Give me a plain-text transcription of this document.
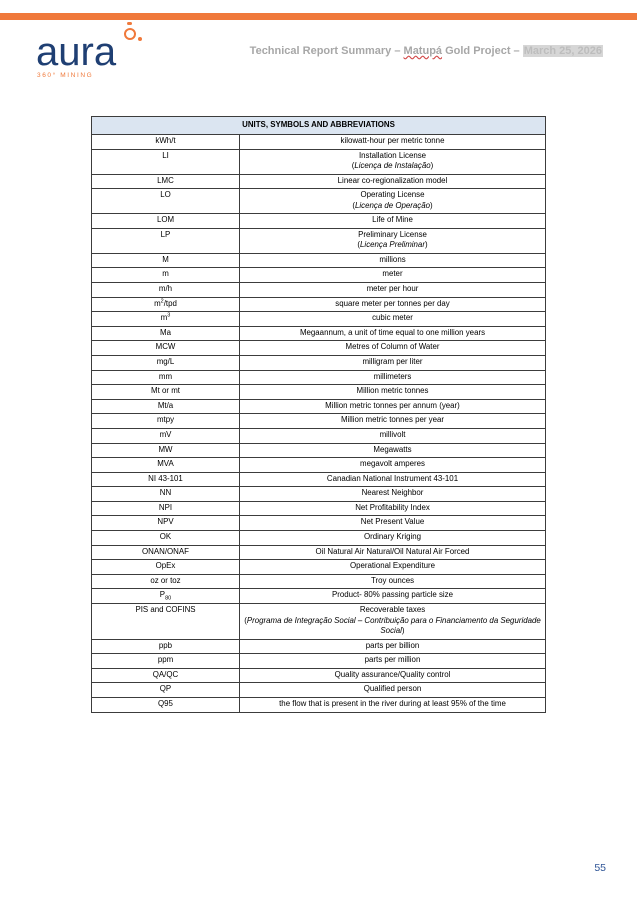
aura
360° MINING
Technical Report Summary – Matupá Gold Project – March 25, 2026
UNITS, SYMBOLS AND ABBREVIATIONS	
kWh/t	kilowatt-hour per metric tonne
LI	Installation License
(Licença de Instalação)
LMC	Linear co-regionalization model
LO	Operating License
(Licença de Operação)
LOM	Life of Mine
LP	Preliminary License
(Licença Preliminar)
M	millions
m	meter
m/h	meter per hour
$m^2$/tpd	square meter per tonnes per day
$m^3$	cubic meter
Ma	Megaannum, a unit of time equal to one million years
MCW	Metres of Column of Water
mg/L	milligram per liter
mm	millimeters
Mt or mt	Million metric tonnes
Mt/a	Million metric tonnes per annum (year)
mtpy	Million metric tonnes per year
mV	millivolt
MW	Megawatts
MVA	megavolt amperes
NI 43-101	Canadian National Instrument 43-101
NN	Nearest Neighbor
NPI	Net Profitability Index
NPV	Net Present Value
OK	Ordinary Kriging
ONAN/ONAF	Oil Natural Air Natural/Oil Natural Air Forced
OpEx	Operational Expenditure
oz or toz	Troy ounces
$P_{80}$	Product- 80% passing particle size
PIS and COFINS	Recoverable taxes
(Programa de Integração Social – Contribuição para o Financiamento da Seguridade Social)
ppb	parts per billion
ppm	parts per million
QA/QC	Quality assurance/Quality control
QP	Qualified person
Q95	the flow that is present in the river during at least 95% of the time
55
